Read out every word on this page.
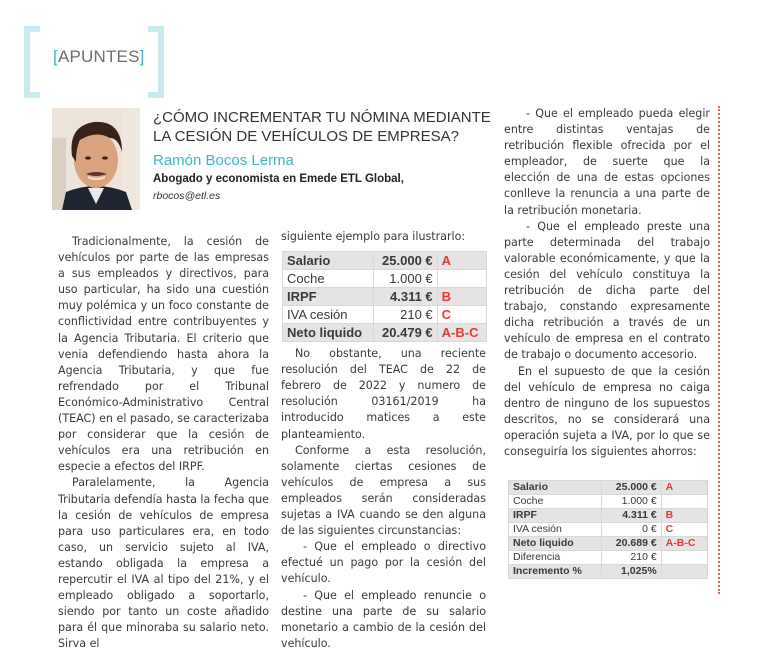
[APUNTES]
¿CÓMO INCREMENTAR TU NÓMINA MEDIANTE
LA CESIÓN DE VEHÍCULOS DE EMPRESA?
Ramón Bocos Lerma
Abogado y economista en Emede ETL Global,
rbocos@etl.es

Tradicionalmente, la cesión de vehículos por parte de las empresas a sus empleados y directivos, para uso particular, ha sido una cuestión muy polémica y un foco constante de conflictividad entre contribuyentes y la Agencia Tributaria. El criterio que venia defendiendo hasta ahora la Agencia Tributaria, y que fue refrendado por el Tribunal Económico-Administrativo Central (TEAC) en el pasado, se caracterizaba por considerar que la cesión de vehículos era una retribución en especie a efectos del IRPF.

Paralelamente, la Agencia Tributaria defendía hasta la fecha que la cesión de vehículos de empresa para uso particulares era, en todo caso, un servicio sujeto al IVA, estando obligada la empresa a repercutir el IVA al tipo del 21%, y el empleado obligado a soportarlo, siendo por tanto un coste añadido para él que minoraba su salario neto. Sirva el

siguiente ejemplo para ilustrarlo:

Salario	25.000 €	A
Coche	1.000 €	
IRPF	4.311 €	B
IVA cesión	210 €	C
Neto liquido	20.479 €	A-B-C

No obstante, una reciente resolución del TEAC de 22 de febrero de 2022 y numero de resolución 03161/2019 ha introducido matices a este planteamiento.

Conforme a esta resolución, solamente ciertas cesiones de vehículos de empresa a sus empleados serán consideradas sujetas a IVA cuando se den alguna de las siguientes circunstancias:

- Que el empleado o directivo efectué un pago por la cesión del vehículo.

- Que el empleado renuncie o destine una parte de su salario monetario a cambio de la cesión del vehículo.

- Que el empleado pueda elegir entre distintas ventajas de retribución flexible ofrecida por el empleador, de suerte que la elección de una de estas opciones conlleve la renuncia a una parte de la retribución monetaria.

- Que el empleado preste una parte determinada del trabajo valorable económicamente, y que la cesión del vehículo constituya la retribución de dicha parte del trabajo, constando expresamente dicha retribución a través de un vehículo de empresa en el contrato de trabajo o documento accesorio.

En el supuesto de que la cesión del vehículo de empresa no caiga dentro de ninguno de los supuestos descritos, no se considerará una operación sujeta a IVA, por lo que se conseguiría los siguientes ahorros:

Salario	25.000 €	A
Coche	1.000 €	
IRPF	4.311 €	B
IVA cesión	0 €	C
Neto liquido	20.689 €	A-B-C
Diferencia	210 €	
Incremento %	1,025%	
